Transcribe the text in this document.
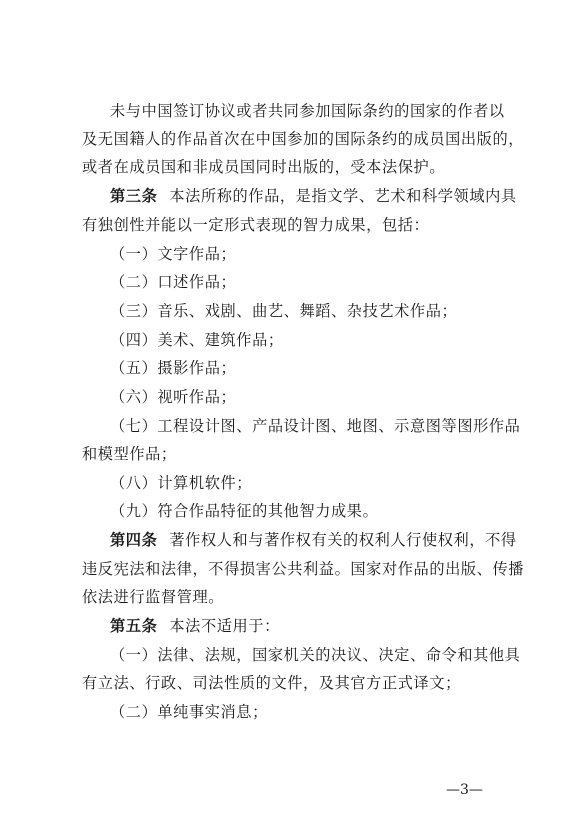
未与中国签订协议或者共同参加国际条约的国家的作者以
及无国籍人的作品首次在中国参加的国际条约的成员国出版的，
或者在成员国和非成员国同时出版的，受本法保护。
第三条 本法所称的作品，是指文学、艺术和科学领域内具
有独创性并能以一定形式表现的智力成果，包括：
（一）文字作品；
（二）口述作品；
（三）音乐、戏剧、曲艺、舞蹈、杂技艺术作品；
（四）美术、建筑作品；
（五）摄影作品；
（六）视听作品；
（七）工程设计图、产品设计图、地图、示意图等图形作品
和模型作品；
（八）计算机软件；
（九）符合作品特征的其他智力成果。
第四条 著作权人和与著作权有关的权利人行使权利，不得
违反宪法和法律，不得损害公共利益。国家对作品的出版、传播
依法进行监督管理。
第五条 本法不适用于：
（一）法律、法规，国家机关的决议、决定、命令和其他具
有立法、行政、司法性质的文件，及其官方正式译文；
（二）单纯事实消息；
—3—
